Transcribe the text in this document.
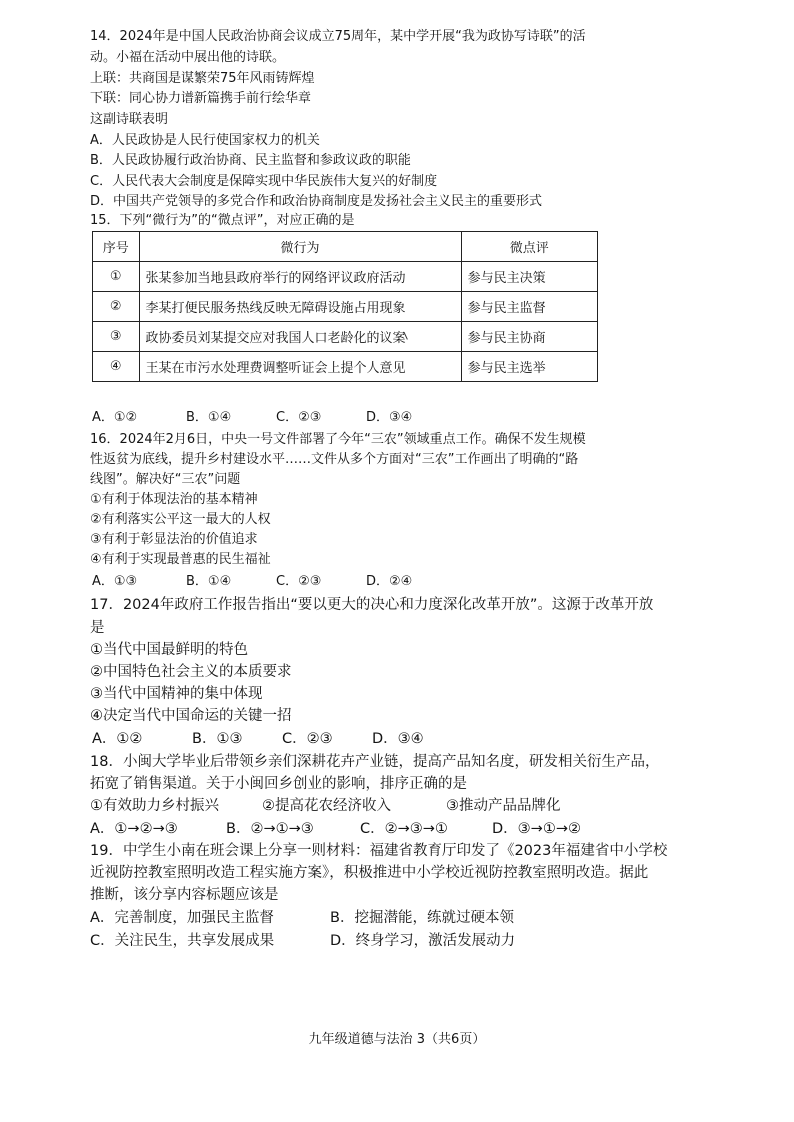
14．2024年是中国人民政治协商会议成立75周年，某中学开展“我为政协写诗联”的活
动。小福在活动中展出他的诗联。
上联：共商国是谋繁荣75年风雨铸辉煌
下联：同心协力谱新篇携手前行绘华章
这副诗联表明
A．人民政协是人民行使国家权力的机关
B．人民政协履行政治协商、民主监督和参政议政的职能
C．人民代表大会制度是保障实现中华民族伟大复兴的好制度
D．中国共产党领导的多党合作和政治协商制度是发扬社会主义民主的重要形式
15．下列“微行为”的“微点评”，对应正确的是
序号	微行为	微点评
①	张某参加当地县政府举行的网络评议政府活动	参与民主决策
②	李某打便民服务热线反映无障碍设施占用现象	参与民主监督
③	政协委员刘某提交应对我国人口老龄化的议案	参与民主协商
④	王某在市污水处理费调整听证会上提个人意见	参与民主选举
A．①②	B．①④	C．②③	D．③④
16．2024年2月6日，中央一号文件部署了今年“三农”领域重点工作。确保不发生规模
性返贫为底线，提升乡村建设水平……文件从多个方面对“三农”工作画出了明确的“路
线图”。解决好“三农”问题
①有利于体现法治的基本精神
②有利落实公平这一最大的人权
③有利于彰显法治的价值追求
④有利于实现最普惠的民生福祉
A．①③	B．①④	C．②③	D．②④
17．2024年政府工作报告指出“要以更大的决心和力度深化改革开放”。这源于改革开放
是
①当代中国最鲜明的特色
②中国特色社会主义的本质要求
③当代中国精神的集中体现
④决定当代中国命运的关键一招
A．①②	B．①③	C．②③	D．③④
18．小闽大学毕业后带领乡亲们深耕花卉产业链，提高产品知名度，研发相关衍生产品，
拓宽了销售渠道。关于小闽回乡创业的影响，排序正确的是
①有效助力乡村振兴	②提高花农经济收入	③推动产品品牌化
A．①→②→③	B．②→①→③	C．②→③→①	D．③→①→②
19．中学生小南在班会课上分享一则材料：福建省教育厅印发了《2023年福建省中小学校
近视防控教室照明改造工程实施方案》，积极推进中小学校近视防控教室照明改造。据此
推断，该分享内容标题应该是
A．完善制度，加强民主监督	B．挖掘潜能，练就过硬本领
C．关注民生，共享发展成果	D．终身学习，激活发展动力
九年级道德与法治 3（共6页）
